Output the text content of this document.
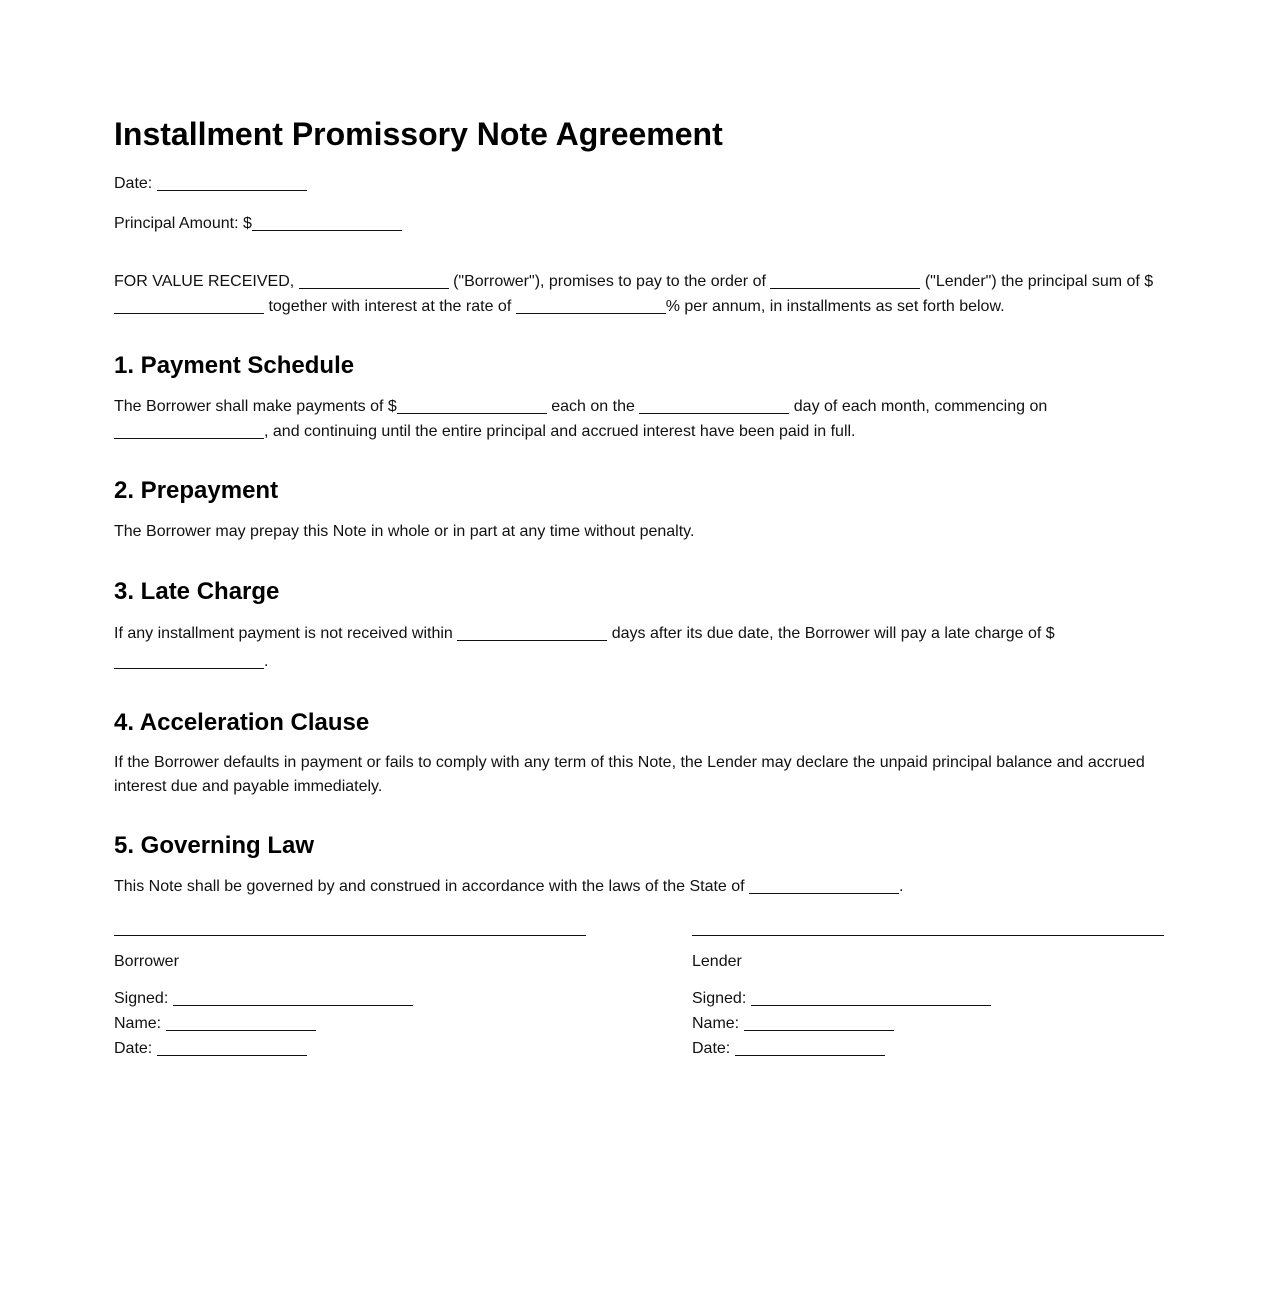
Installment Promissory Note Agreement
Date:
Principal Amount: $

FOR VALUE RECEIVED,	("Borrower"), promises to pay to the order of	("Lender") the principal sum of $  together with interest at the rate of	% per annum, in installments as set forth below.

1. Payment Schedule

The Borrower shall make payments of $	each on the	day of each month, commencing on , and continuing until the entire principal and accrued interest have been paid in full.

2. Prepayment

The Borrower may prepay this Note in whole or in part at any time without penalty.

3. Late Charge

If any installment payment is not received within	days after its due date, the Borrower will pay a late charge of $ .

4. Acceleration Clause

If the Borrower defaults in payment or fails to comply with any term of this Note, the Lender may declare the unpaid principal balance and accrued interest due and payable immediately.

5. Governing Law

This Note shall be governed by and construed in accordance with the laws of the State of	.

Borrower
Signed:
Name:
Date:
Lender
Signed:
Name:
Date:
